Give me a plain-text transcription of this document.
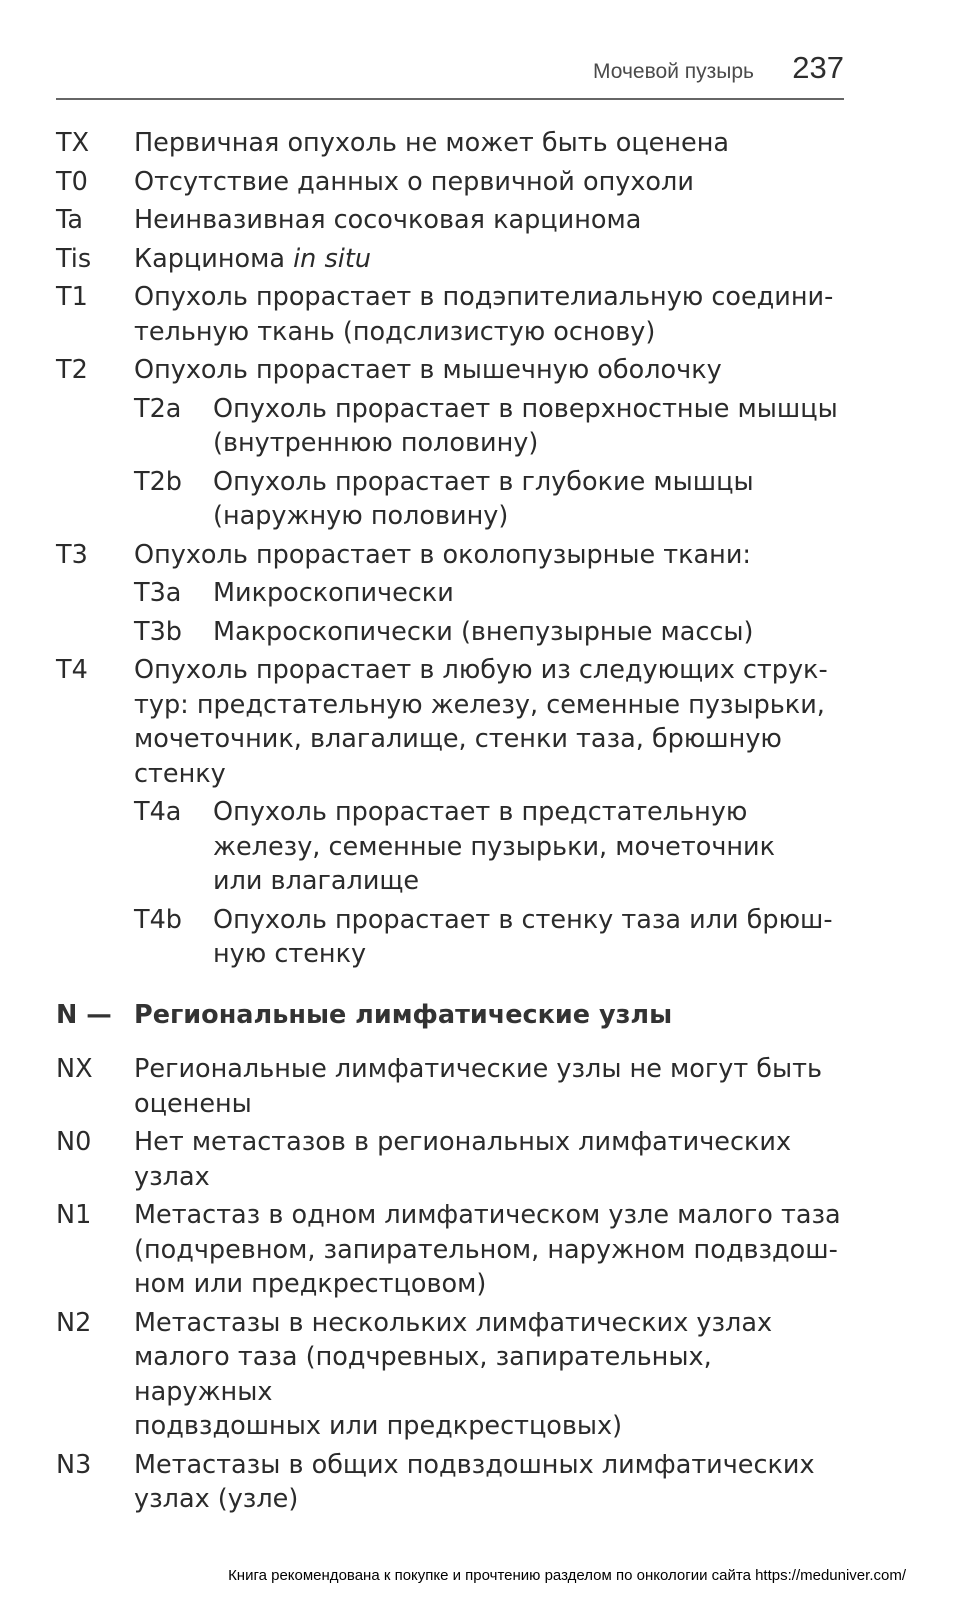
Мочевой пузырь 237
TX Первичная опухоль не может быть оценена
T0 Отсутствие данных о первичной опухоли
Ta Неинвазивная сосочковая карцинома
Tis Карцинома in situ
T1 Опухоль прорастает в подэпителиальную соедини-
тельную ткань (подслизистую основу)
T2 Опухоль прорастает в мышечную оболочку
T2a Опухоль прорастает в поверхностные мышцы
(внутреннюю половину)
T2b Опухоль прорастает в глубокие мышцы
(наружную половину)
T3 Опухоль прорастает в околопузырные ткани:
T3a Микроскопически
T3b Макроскопически (внепузырные массы)
T4 Опухоль прорастает в любую из следующих струк-
тур: предстательную железу, семенные пузырьки,
мочеточник, влагалище, стенки таза, брюшную
стенку
T4a Опухоль прорастает в предстательную
железу, семенные пузырьки, мочеточник
или влагалище
T4b Опухоль прорастает в стенку таза или брюш-
ную стенку
N — Региональные лимфатические узлы
NX Региональные лимфатические узлы не могут быть
оценены
N0 Нет метастазов в региональных лимфатических
узлах
N1 Метастаз в одном лимфатическом узле малого таза
(подчревном, запирательном, наружном подвздош-
ном или предкрестцовом)
N2 Метастазы в нескольких лимфатических узлах
малого таза (подчревных, запирательных, наружных
подвздошных или предкрестцовых)
N3 Метастазы в общих подвздошных лимфатических
узлах (узле)
Книга рекомендована к покупке и прочтению разделом по онкологии сайта https://meduniver.com/
